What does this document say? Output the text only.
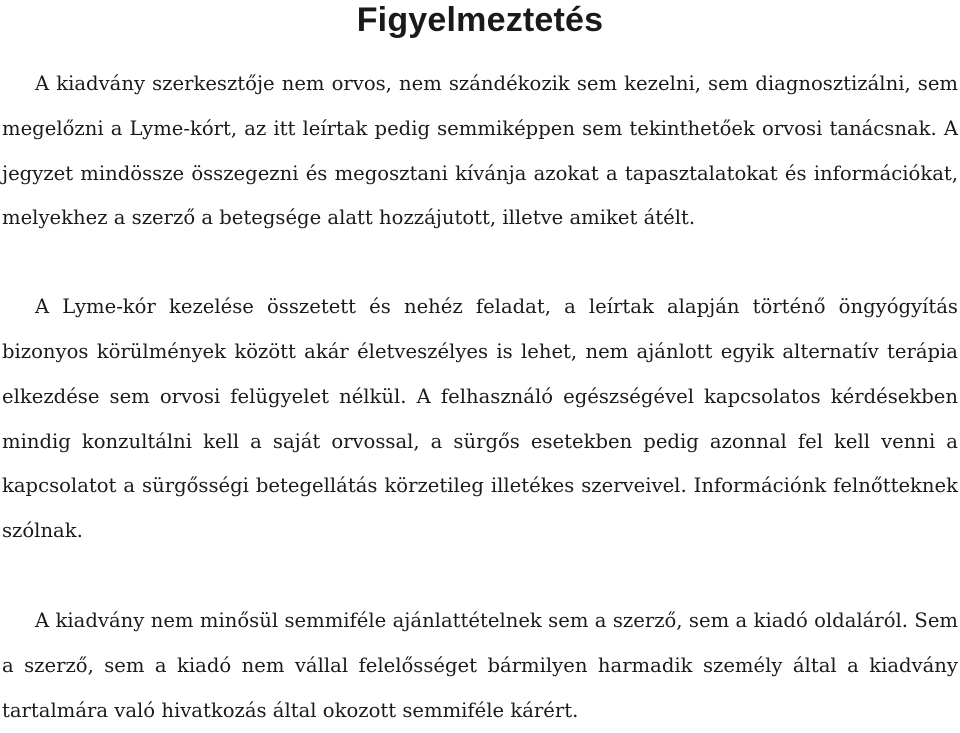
Figyelmeztetés

A kiadvány szerkesztője nem orvos, nem szándékozik sem kezelni, sem diagnosztizálni, sem megelőzni a Lyme-kórt, az itt leírtak pedig semmiképpen sem tekinthetőek orvosi tanácsnak. A jegyzet mindössze összegezni és megosztani kívánja azokat a tapasztalatokat és információkat, melyekhez a szerző a betegsége alatt hozzájutott, illetve amiket átélt.

A Lyme-kór kezelése összetett és nehéz feladat, a leírtak alapján történő öngyógyítás bizonyos körülmények között akár életveszélyes is lehet, nem ajánlott egyik alternatív terápia elkezdése sem orvosi felügyelet nélkül. A felhasználó egészségével kapcsolatos kérdésekben mindig konzultálni kell a saját orvossal, a sürgős esetekben pedig azonnal fel kell venni a kapcsolatot a sürgősségi betegellátás körzetileg illetékes szerveivel. Információnk felnőtteknek szólnak.

A kiadvány nem minősül semmiféle ajánlattételnek sem a szerző, sem a kiadó oldaláról. Sem a szerző, sem a kiadó nem vállal felelősséget bármilyen harmadik személy által a kiadvány tartalmára való hivatkozás által okozott semmiféle kárért.
